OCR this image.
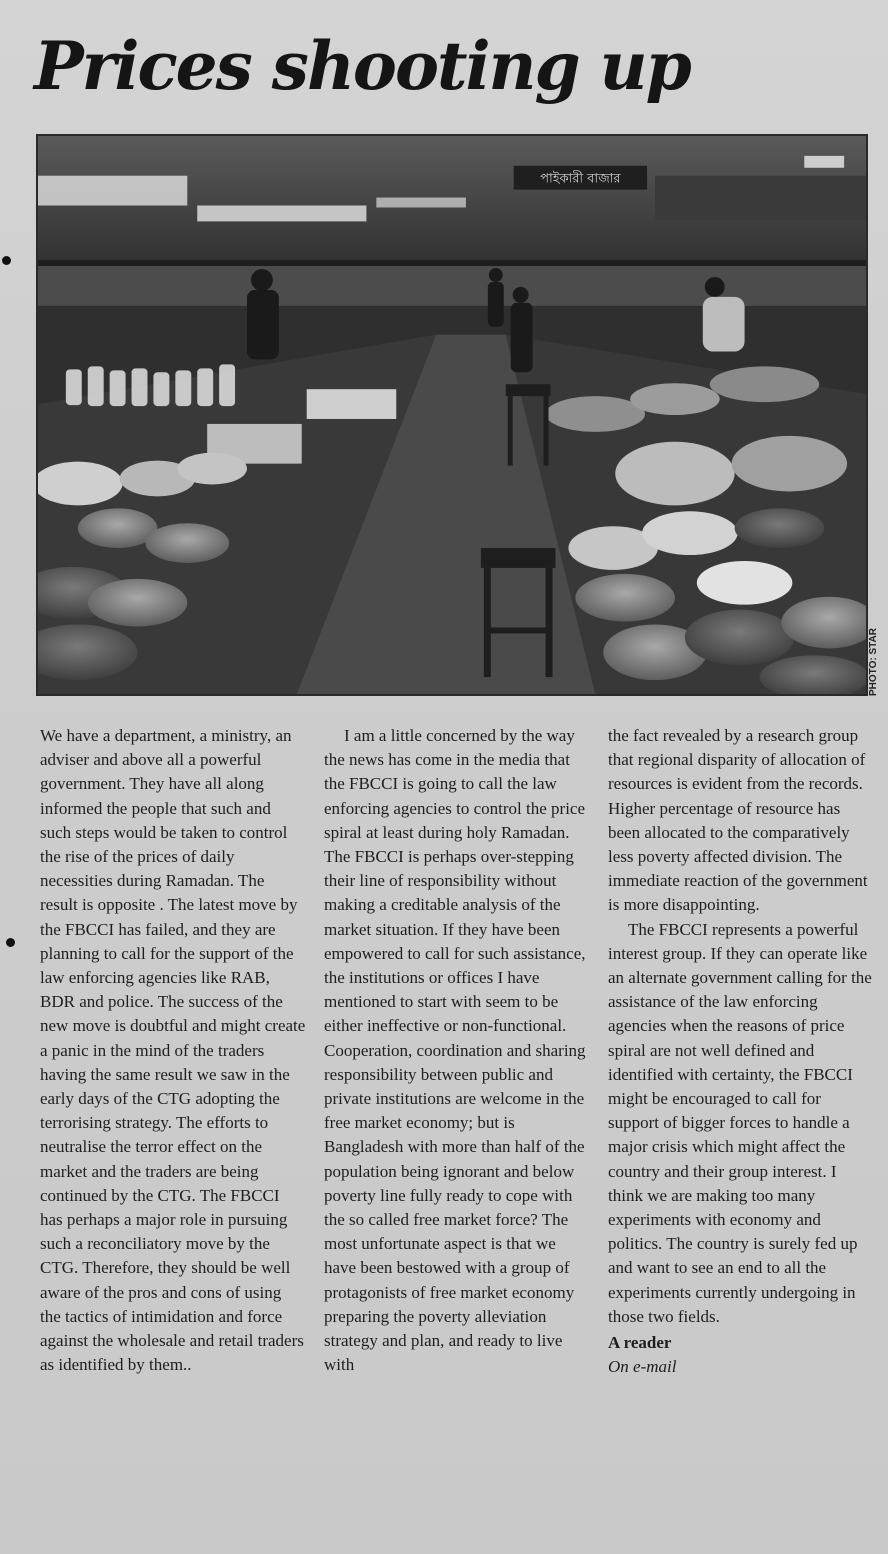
Prices shooting up
পাইকারী বাজার
PHOTO: STAR

We have a department, a ministry, an adviser and above all a powerful government. They have all along informed the people that such and such steps would be taken to control the rise of the prices of daily necessities during Ramadan. The result is opposite . The latest move by the FBCCI has failed, and they are planning to call for the support of the law enforcing agencies like RAB, BDR and police. The success of the new move is doubtful and might create a panic in the mind of the traders having the same result we saw in the early days of the CTG adopting the terrorising strategy. The efforts to neutralise the terror effect on the market and the traders are being continued by the CTG. The FBCCI has perhaps a major role in pursuing such a reconciliatory move by the CTG. Therefore, they should be well aware of the pros and cons of using the tactics of intimidation and force against the wholesale and retail traders as identified by them..

I am a little concerned by the way the news has come in the media that the FBCCI is going to call the law enforcing agencies to control the price spiral at least during holy Ramadan. The FBCCI is perhaps over-stepping their line of responsibility without making a creditable analysis of the market situation. If they have been empowered to call for such assistance, the institutions or offices I have mentioned to start with seem to be either ineffective or non-functional. Cooperation, coordination and sharing responsibility between public and private institutions are welcome in the free market economy; but is Bangladesh with more than half of the population being ignorant and below poverty line fully ready to cope with the so called free market force? The most unfortunate aspect is that we have been bestowed with a group of protagonists of free market economy preparing the poverty alleviation strategy and plan, and ready to live with

the fact revealed by a research group that regional disparity of allocation of resources is evident from the records. Higher percentage of resource has been allocated to the comparatively less poverty affected division. The immediate reaction of the government is more disappointing.

The FBCCI represents a powerful interest group. If they can operate like an alternate government calling for the assistance of the law enforcing agencies when the reasons of price spiral are not well defined and identified with certainty, the FBCCI might be encouraged to call for support of bigger forces to handle a major crisis which might affect the country and their group interest. I think we are making too many experiments with economy and politics. The country is surely fed up and want to see an end to all the experiments currently undergoing in those two fields.

A reader
On e-mail
